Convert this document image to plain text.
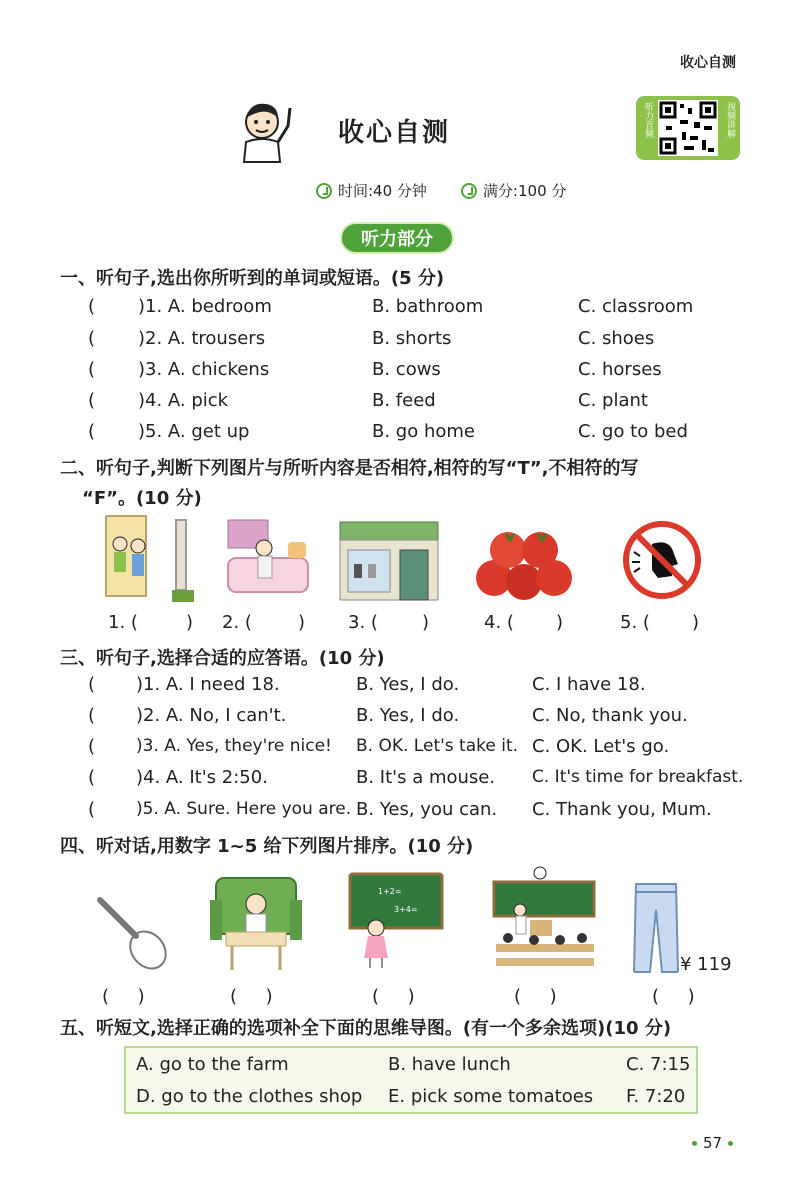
收心自测
收心自测	听力音频	视频讲解
时间:40 分钟	满分:100 分
听力部分
一、听句子,选出你所听到的单词或短语。(5 分)
( )1. A. bedroom	B. bathroom	C. classroom
( )2. A. trousers	B. shorts	C. shoes
( )3. A. chickens	B. cows	C. horses
( )4. A. pick	B. feed	C. plant
( )5. A. get up	B. go home	C. go to bed
二、听句子,判断下列图片与所听内容是否相符,相符的写“T”,不相符的写
“F”。(10 分)
1. (	) 2. (	) 3. ( )	4. ( )	5. ( )
三、听句子,选择合适的应答语。(10 分)
( )1. A. I need 18.	B. Yes, I do.	C. I have 18.
( )2. A. No, I can't.	B. Yes, I do.	C. No, thank you.
( )3. A. Yes, they're nice! B. OK. Let's take it. C. OK. Let's go.
( )4. A. It's 2:50.	B. It's a mouse. C. It's time for breakfast.
( )5. A. Sure. Here you are. B. Yes, you can. C. Thank you, Mum.
四、听对话,用数字 1~5 给下列图片排序。(10 分)
1+2=
3+4=
¥ 119
(     )	(     )	(     )	(     )	(     )
五、听短文,选择正确的选项补全下面的思维导图。(有一个多余选项)(10 分)
A. go to the farm	B. have lunch	C. 7:15
D. go to the clothes shop E. pick some tomatoes F. 7:20
57
